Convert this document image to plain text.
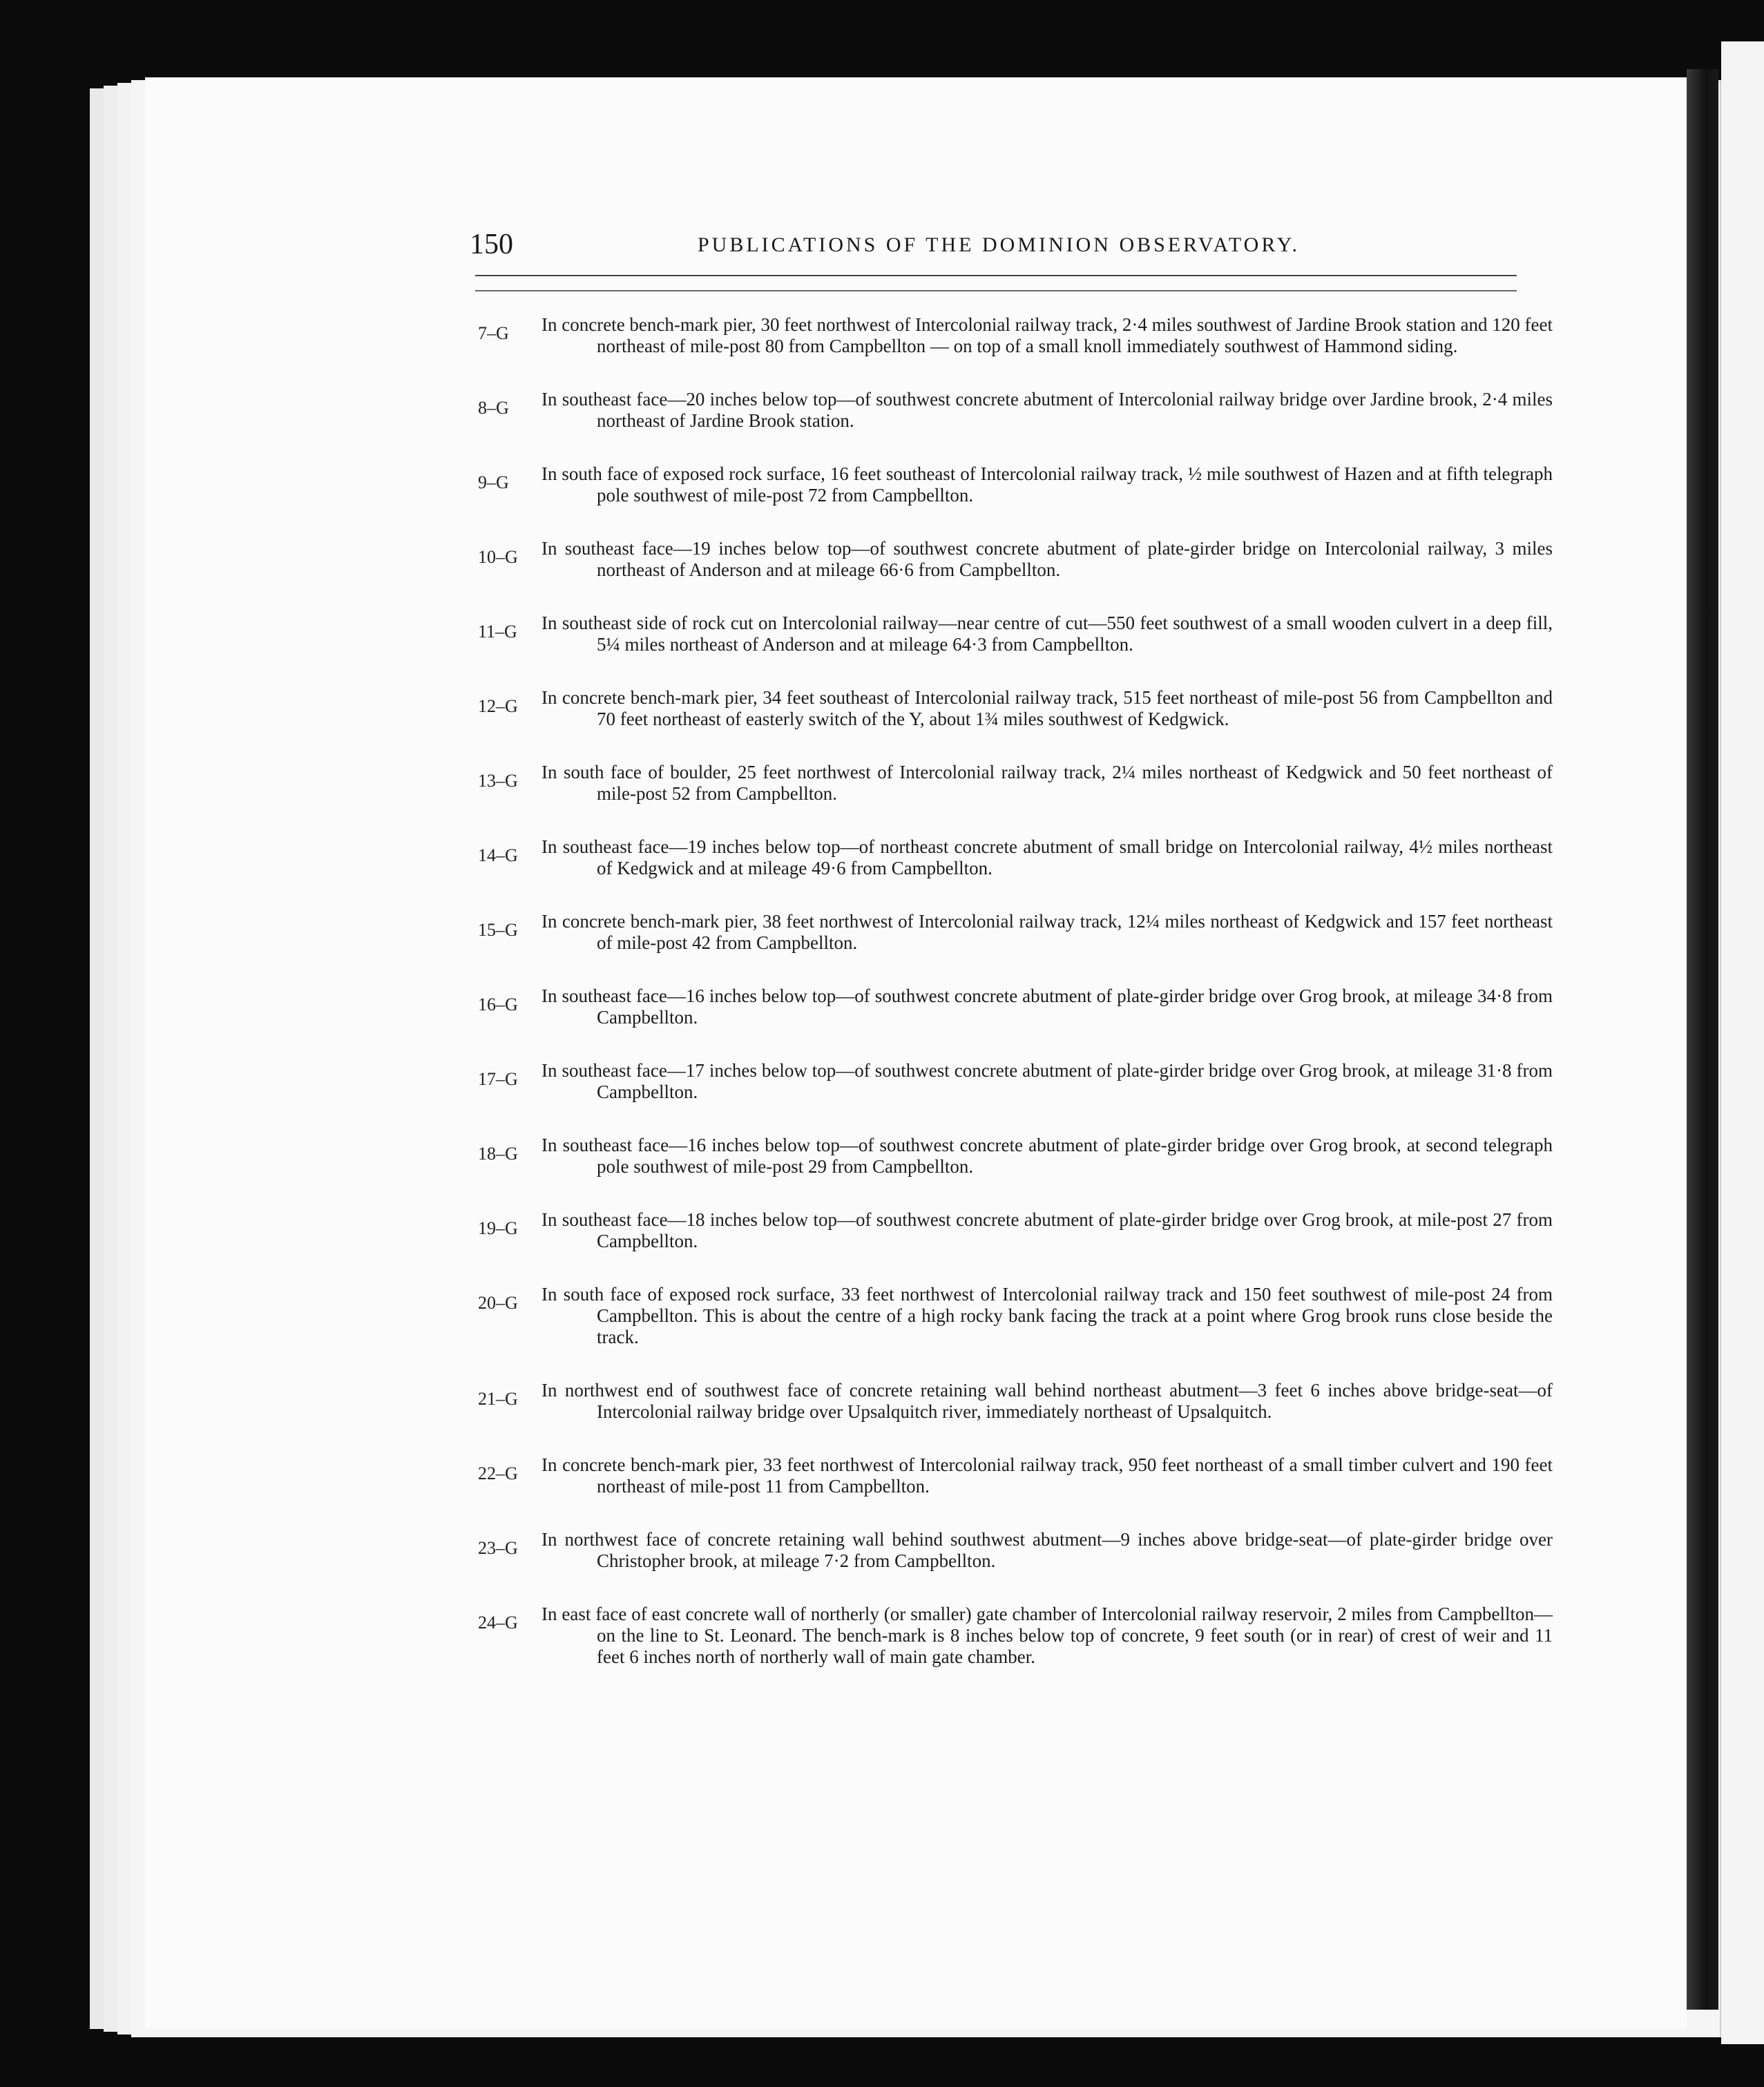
150	PUBLICATIONS OF THE DOMINION OBSERVATORY.
7–G	In concrete bench-mark pier, 30 feet northwest of Intercolonial railway track, 2·4 miles southwest of Jardine Brook station and 120 feet northeast of mile-post 80 from Campbellton — on top of a small knoll immediately southwest of Hammond siding.
8–G	In southeast face—20 inches below top—of southwest concrete abutment of Intercolonial railway bridge over Jardine brook, 2·4 miles northeast of Jardine Brook station.
9–G	In south face of exposed rock surface, 16 feet southeast of Intercolonial railway track, ½ mile southwest of Hazen and at fifth telegraph pole southwest of mile-post 72 from Campbellton.
10–G	In southeast face—19 inches below top—of southwest concrete abutment of plate-girder bridge on Intercolonial railway, 3 miles northeast of Anderson and at mileage 66·6 from Campbellton.
11–G	In southeast side of rock cut on Intercolonial railway—near centre of cut—550 feet southwest of a small wooden culvert in a deep fill, 5¼ miles northeast of Anderson and at mileage 64·3 from Campbellton.
12–G	In concrete bench-mark pier, 34 feet southeast of Intercolonial railway track, 515 feet northeast of mile-post 56 from Campbellton and 70 feet northeast of easterly switch of the Y, about 1¾ miles southwest of Kedgwick.
13–G	In south face of boulder, 25 feet northwest of Intercolonial railway track, 2¼ miles northeast of Kedgwick and 50 feet northeast of mile-post 52 from Campbellton.
14–G	In southeast face—19 inches below top—of northeast concrete abutment of small bridge on Intercolonial railway, 4½ miles northeast of Kedgwick and at mileage 49·6 from Campbellton.
15–G	In concrete bench-mark pier, 38 feet northwest of Intercolonial railway track, 12¼ miles northeast of Kedgwick and 157 feet northeast of mile-post 42 from Campbellton.
16–G	In southeast face—16 inches below top—of southwest concrete abutment of plate-girder bridge over Grog brook, at mileage 34·8 from Campbellton.
17–G	In southeast face—17 inches below top—of southwest concrete abutment of plate-girder bridge over Grog brook, at mileage 31·8 from Campbellton.
18–G	In southeast face—16 inches below top—of southwest concrete abutment of plate-girder bridge over Grog brook, at second telegraph pole southwest of mile-post 29 from Campbellton.
19–G	In southeast face—18 inches below top—of southwest concrete abutment of plate-girder bridge over Grog brook, at mile-post 27 from Campbellton.
20–G	In south face of exposed rock surface, 33 feet northwest of Intercolonial railway track and 150 feet southwest of mile-post 24 from Campbellton. This is about the centre of a high rocky bank facing the track at a point where Grog brook runs close beside the track.
21–G	In northwest end of southwest face of concrete retaining wall behind northeast abutment—3 feet 6 inches above bridge-seat—of Intercolonial railway bridge over Upsalquitch river, immediately northeast of Upsalquitch.
22–G	In concrete bench-mark pier, 33 feet northwest of Intercolonial railway track, 950 feet northeast of a small timber culvert and 190 feet northeast of mile-post 11 from Campbellton.
23–G	In northwest face of concrete retaining wall behind southwest abutment—9 inches above bridge-seat—of plate-girder bridge over Christopher brook, at mileage 7·2 from Campbellton.
24–G	In east face of east concrete wall of northerly (or smaller) gate chamber of Intercolonial railway reservoir, 2 miles from Campbellton—on the line to St. Leonard. The bench-mark is 8 inches below top of concrete, 9 feet south (or in rear) of crest of weir and 11 feet 6 inches north of northerly wall of main gate chamber.
